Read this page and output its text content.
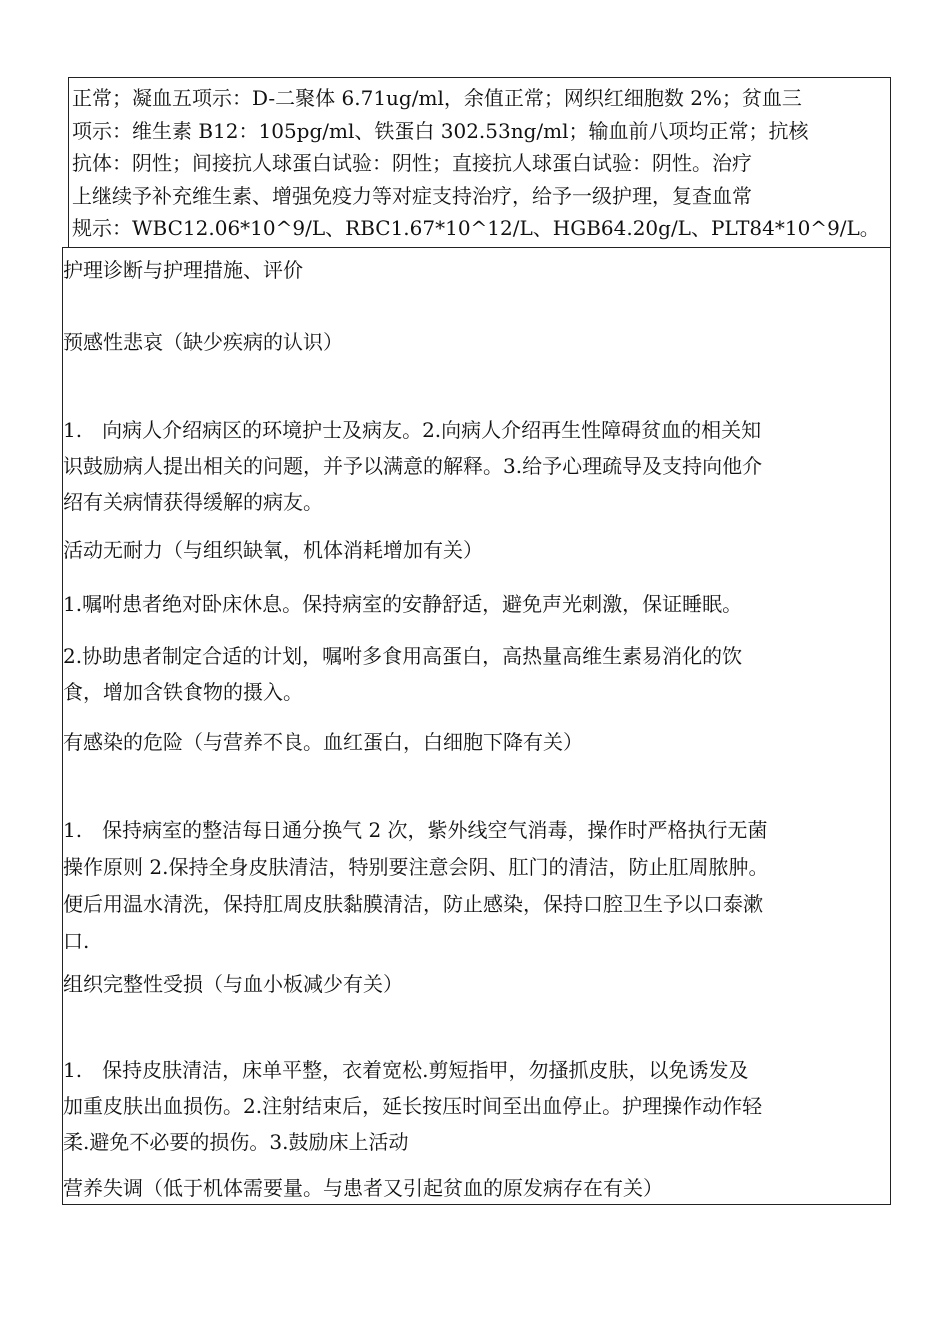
正常；凝血五项示：D-二聚体 6.71ug/ml，余值正常；网织红细胞数 2%；贫血三
项示：维生素 B12：105pg/ml、铁蛋白 302.53ng/ml；输血前八项均正常；抗核
抗体：阴性；间接抗人球蛋白试验：阴性；直接抗人球蛋白试验：阴性。治疗
上继续予补充维生素、增强免疫力等对症支持治疗，给予一级护理，复查血常
规示：WBC12.06*10^9/L、RBC1.67*10^12/L、HGB64.20g/L、PLT84*10^9/L。
护理诊断与护理措施、评价
预感性悲哀（缺少疾病的认识）
1.　向病人介绍病区的环境护士及病友。2.向病人介绍再生性障碍贫血的相关知
识鼓励病人提出相关的问题，并予以满意的解释。3.给予心理疏导及支持向他介
绍有关病情获得缓解的病友。
活动无耐力（与组织缺氧，机体消耗增加有关）
1.嘱咐患者绝对卧床休息。保持病室的安静舒适，避免声光刺激，保证睡眠。
2.协助患者制定合适的计划，嘱咐多食用高蛋白，高热量高维生素易消化的饮
食，增加含铁食物的摄入。
有感染的危险（与营养不良。血红蛋白，白细胞下降有关）
1.　保持病室的整洁每日通分换气 2 次，紫外线空气消毒，操作时严格执行无菌
操作原则 2.保持全身皮肤清洁，特别要注意会阴、肛门的清洁，防止肛周脓肿。
便后用温水清洗，保持肛周皮肤黏膜清洁，防止感染，保持口腔卫生予以口泰漱
口.
组织完整性受损（与血小板减少有关）
1.　保持皮肤清洁，床单平整，衣着宽松.剪短指甲，勿搔抓皮肤，以免诱发及
加重皮肤出血损伤。2.注射结束后，延长按压时间至出血停止。护理操作动作轻
柔.避免不必要的损伤。3.鼓励床上活动
营养失调（低于机体需要量。与患者又引起贫血的原发病存在有关）
